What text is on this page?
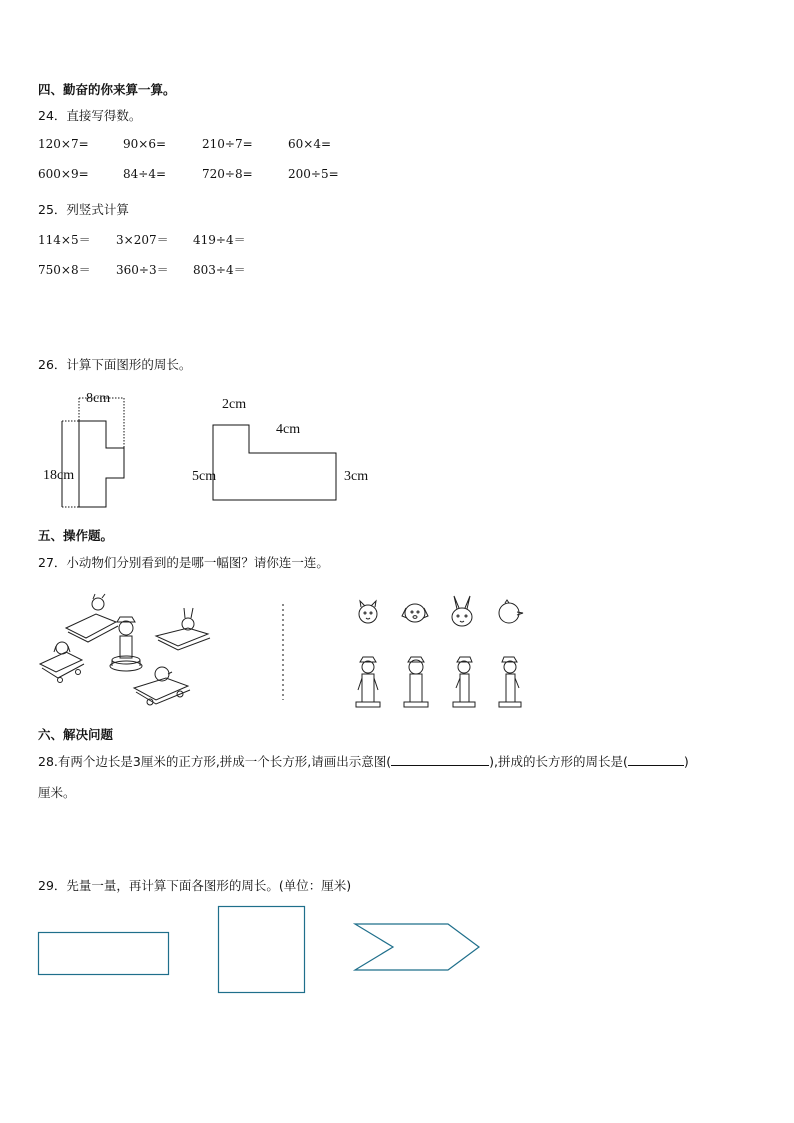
四、勤奋的你来算一算。
24．直接写得数。
120×7=	90×6=	210÷7=	60×4=
600×9=	84÷4=	720÷8=	200÷5=
25．列竖式计算
114×5＝ 3×207＝ 419÷4＝
750×8＝ 360÷3＝ 803÷4＝
26．计算下面图形的周长。
8cm
18cm
2cm
4cm
5cm	3cm
五、操作题。
27．小动物们分别看到的是哪一幅图？请你连一连。
六、解决问题
28.有两个边长是3厘米的正方形,拼成一个长方形,请画出示意图(	),拼成的长方形的周长是(	)
厘米。
29．先量一量，再计算下面各图形的周长。(单位：厘米)
